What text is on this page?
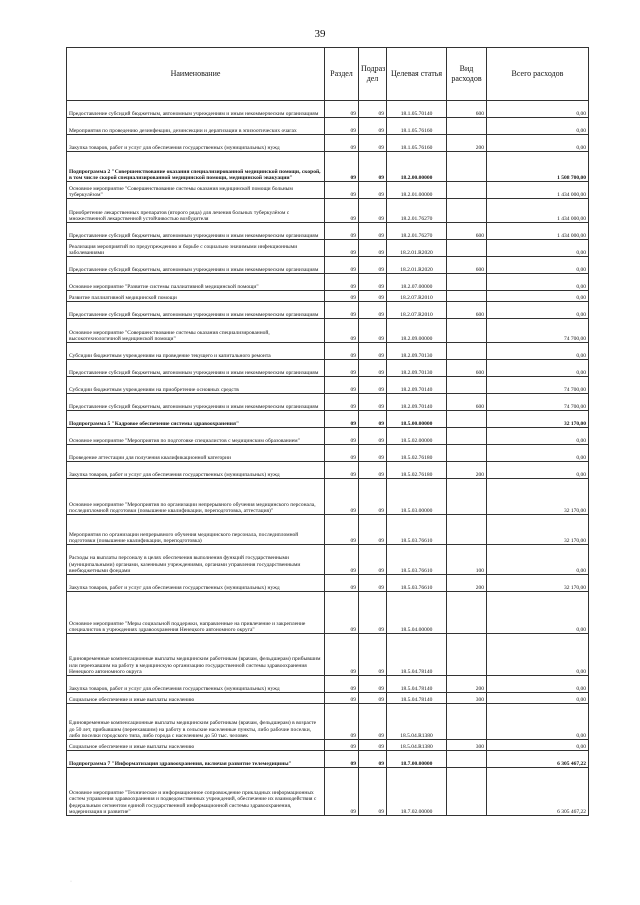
39
Наименование	Раздел	Подраз дел	Целевая статья	Вид расходов	Всего расходов
Предоставление субсидий бюджетным, автономным учреждениям и иным некоммерческим организациям	09	09	18.1.05.70140	600	0,00
Мероприятия по проведению дезинфекции, дезинсекции и дератизации в эпизоотических очагах	09	09	18.1.05.76160		0,00
Закупка товаров, работ и услуг для обеспечения государственных (муниципальных) нужд	09	09	18.1.05.76160	200	0,00
Подпрограмма 2 "Совершенствование оказания специализированной медицинской помощи, скорой, в том числе скорой специализированной медицинской помощи, медицинской эвакуации"	09	09	18.2.00.00000		1 508 700,00
Основное мероприятие "Совершенствование системы оказания медицинской помощи больным туберкулёзом"	09	09	18.2.01.00000		1 434 000,00
Приобретение лекарственных препаратов (второго ряда) для лечения больных туберкулёзом с множественной лекарственной устойчивостью возбудителя	09	09	18.2.01.76270		1 434 000,00
Предоставление субсидий бюджетным, автономным учреждениям и иным некоммерческим организациям	09	09	18.2.01.76270	600	1 434 000,00
Реализация мероприятий по предупреждению и борьбе с социально значимыми инфекционными заболеваниями	09	09	18.2.01.R2020		0,00
Предоставление субсидий бюджетным, автономным учреждениям и иным некоммерческим организациям	09	09	18.2.01.R2020	600	0,00
Основное мероприятие "Развитие системы паллиативной медицинской помощи"	09	09	18.2.07.00000		0,00
Развитие паллиативной медицинской помощи	09	09	18.2.07.R2010		0,00
Предоставление субсидий бюджетным, автономным учреждениям и иным некоммерческим организациям	09	09	18.2.07.R2010	600	0,00
Основное мероприятие "Совершенствование системы оказания специализированной, высокотехнологичной медицинской помощи"	09	09	18.2.09.00000		74 700,00
Субсидии бюджетным учреждениям на проведение текущего и капитального ремонта	09	09	18.2.09.70130		0,00
Предоставление субсидий бюджетным, автономным учреждениям и иным некоммерческим организациям	09	09	18.2.09.70130	600	0,00
Субсидии бюджетным учреждениям на приобретение основных средств	09	09	18.2.09.70140		74 700,00
Предоставление субсидий бюджетным, автономным учреждениям и иным некоммерческим организациям	09	09	18.2.09.70140	600	74 700,00
Подпрограмма 5 "Кадровое обеспечение системы здравоохранения"	09	09	18.5.00.00000		32 170,00
Основное мероприятие "Мероприятия по подготовке специалистов с медицинским образованием"	09	09	18.5.02.00000		0,00
Проведение аттестации для получения квалификационной категории	09	09	18.5.02.76180		0,00
Закупка товаров, работ и услуг для обеспечения государственных (муниципальных) нужд	09	09	18.5.02.76180	200	0,00
Основное мероприятие "Мероприятия по организации непрерывного обучения медицинского персонала, последипломной подготовки (повышение квалификации, переподготовка, аттестация)"	09	09	18.5.03.00000		32 170,00
Мероприятия по организации непрерывного обучения медицинского персонала, последипломной подготовки (повышение квалификации, переподготовка)	09	09	18.5.03.76610		32 170,00
Расходы на выплаты персоналу в целях обеспечения выполнения функций государственными (муниципальными) органами, казенными учреждениями, органами управления государственными внебюджетными фондами	09	09	18.5.03.76610	100	0,00
Закупка товаров, работ и услуг для обеспечения государственных (муниципальных) нужд	09	09	18.5.03.76610	200	32 170,00
Основное мероприятие "Меры социальной поддержки, направленные на привлечение и закрепление специалистов в учреждениях здравоохранения Ненецкого автономного округа"	09	09	18.5.04.00000		0,00
Единовременные компенсационные выплаты медицинским работникам (врачам, фельдшерам) прибывшим или переехавшим на работу в медицинскую организацию государственной системы здравоохранения Ненецкого автономного округа	09	09	18.5.04.78140		0,00
Закупка товаров, работ и услуг для обеспечения государственных (муниципальных) нужд	09	09	18.5.04.78140	200	0,00
Социальное обеспечение и иные выплаты населению	09	09	18.5.04.78140	300	0,00
Единовременные компенсационные выплаты медицинским работникам (врачам, фельдшерам) в возрасте до 50 лет, прибывшим (переехавшим) на работу в сельские населенные пункты, либо рабочие поселки, либо поселки городского типа, либо города с населением до 50 тыс. человек	09	09	18.5.04.R1380		0,00
Социальное обеспечение и иные выплаты населению	09	09	18.5.04.R1380	300	0,00
Подпрограмма 7 "Информатизация здравоохранения, включая развитие телемедицины"	09	09	18.7.00.00000		6 305 467,22
Основное мероприятие "Техническое и информационное сопровождение прикладных информационных систем управления здравоохранения и подведомственных учреждений, обеспечение их взаимодействия с федеральным сегментом единой государственной информационной системы здравоохранения, модернизация и развитие"	09	09	18.7.02.00000		6 305 467,22
·
